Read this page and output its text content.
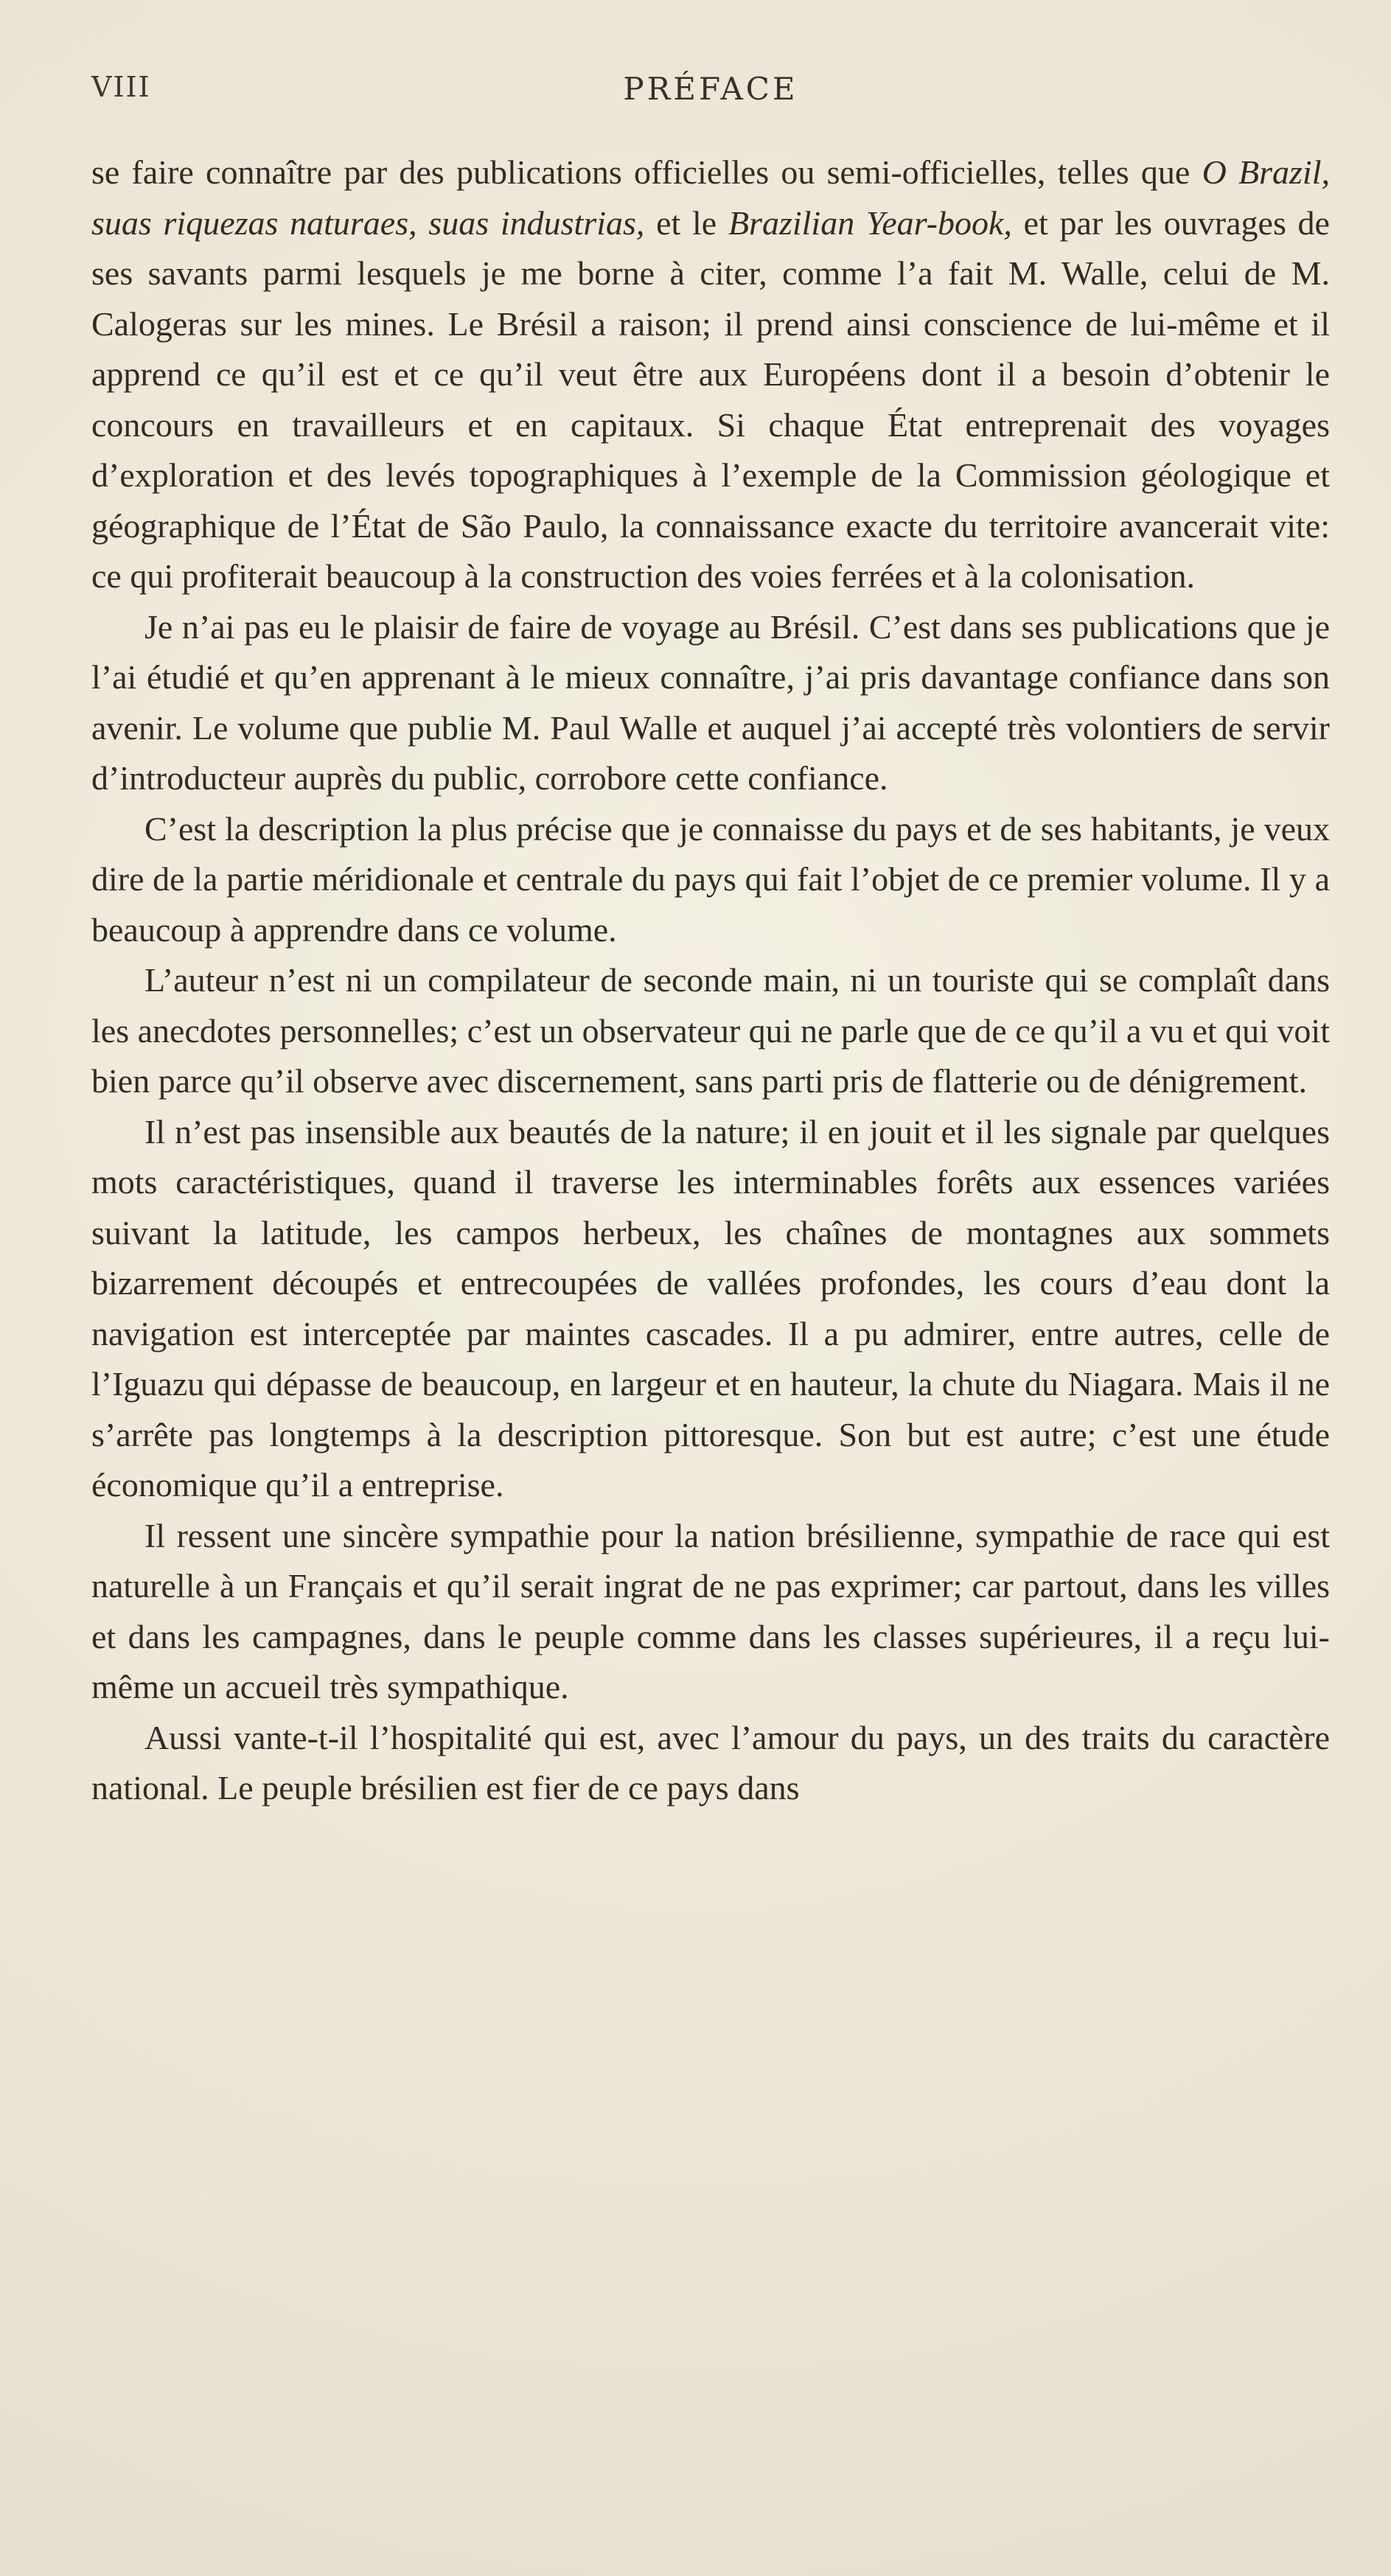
VIII	PRÉFACE

se faire connaître par des publications officielles ou semi-officielles, telles que O Brazil, suas riquezas naturaes, suas industrias, et le Brazilian Year-book, et par les ouvrages de ses savants parmi lesquels je me borne à citer, comme l’a fait M. Walle, celui de M. Calogeras sur les mines. Le Brésil a raison; il prend ainsi conscience de lui-même et il apprend ce qu’il est et ce qu’il veut être aux Européens dont il a besoin d’obtenir le concours en travailleurs et en capitaux. Si chaque État entreprenait des voyages d’exploration et des levés topographiques à l’exemple de la Commission géologique et géographique de l’État de São Paulo, la connaissance exacte du territoire avancerait vite: ce qui profiterait beaucoup à la construction des voies ferrées et à la colonisation.

Je n’ai pas eu le plaisir de faire de voyage au Brésil. C’est dans ses publications que je l’ai étudié et qu’en apprenant à le mieux connaître, j’ai pris davantage confiance dans son avenir. Le volume que publie M. Paul Walle et auquel j’ai accepté très volontiers de servir d’introducteur auprès du public, corrobore cette confiance.

C’est la description la plus précise que je connaisse du pays et de ses habitants, je veux dire de la partie méridionale et centrale du pays qui fait l’objet de ce premier volume. Il y a beaucoup à apprendre dans ce volume.

L’auteur n’est ni un compilateur de seconde main, ni un touriste qui se complaît dans les anecdotes personnelles; c’est un observateur qui ne parle que de ce qu’il a vu et qui voit bien parce qu’il observe avec discernement, sans parti pris de flatterie ou de dénigrement.

Il n’est pas insensible aux beautés de la nature; il en jouit et il les signale par quelques mots caractéristiques, quand il traverse les interminables forêts aux essences variées suivant la latitude, les campos herbeux, les chaînes de montagnes aux sommets bizarrement découpés et entrecoupées de vallées profondes, les cours d’eau dont la navigation est interceptée par maintes cascades. Il a pu admirer, entre autres, celle de l’Iguazu qui dépasse de beaucoup, en largeur et en hauteur, la chute du Niagara. Mais il ne s’arrête pas longtemps à la description pittoresque. Son but est autre; c’est une étude économique qu’il a entreprise.

Il ressent une sincère sympathie pour la nation brésilienne, sympathie de race qui est naturelle à un Français et qu’il serait ingrat de ne pas exprimer; car partout, dans les villes et dans les campagnes, dans le peuple comme dans les classes supérieures, il a reçu lui-même un accueil très sympathique.

Aussi vante-t-il l’hospitalité qui est, avec l’amour du pays, un des traits du caractère national. Le peuple brésilien est fier de ce pays dans
